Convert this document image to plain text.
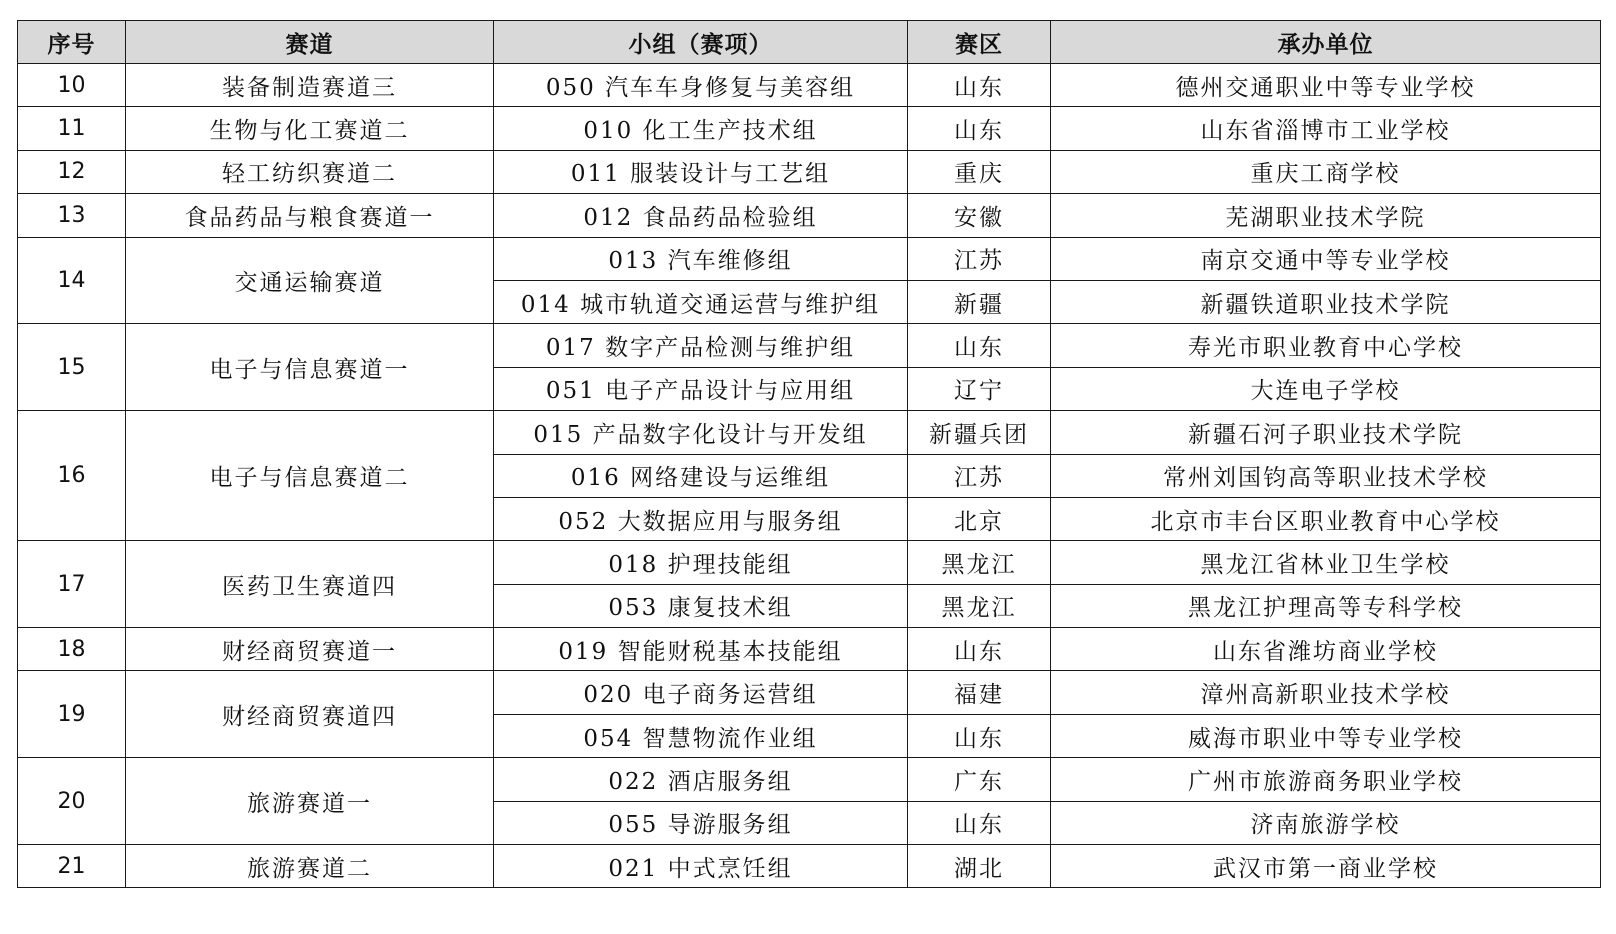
序号	赛道	小组（赛项）	赛区	承办单位
10	装备制造赛道三	050 汽车车身修复与美容组	山东	德州交通职业中等专业学校
11	生物与化工赛道二	010 化工生产技术组	山东	山东省淄博市工业学校
12	轻工纺织赛道二	011 服装设计与工艺组	重庆	重庆工商学校
13	食品药品与粮食赛道一	012 食品药品检验组	安徽	芜湖职业技术学院
14	交通运输赛道	013 汽车维修组	江苏	南京交通中等专业学校
		014 城市轨道交通运营与维护组	新疆	新疆铁道职业技术学院
15	电子与信息赛道一	017 数字产品检测与维护组	山东	寿光市职业教育中心学校
		051 电子产品设计与应用组	辽宁	大连电子学校
16	电子与信息赛道二	015 产品数字化设计与开发组	新疆兵团	新疆石河子职业技术学院
		016 网络建设与运维组	江苏	常州刘国钧高等职业技术学校
		052 大数据应用与服务组	北京	北京市丰台区职业教育中心学校
17	医药卫生赛道四	018 护理技能组	黑龙江	黑龙江省林业卫生学校
		053 康复技术组	黑龙江	黑龙江护理高等专科学校
18	财经商贸赛道一	019 智能财税基本技能组	山东	山东省潍坊商业学校
19	财经商贸赛道四	020 电子商务运营组	福建	漳州高新职业技术学校
		054 智慧物流作业组	山东	威海市职业中等专业学校
20	旅游赛道一	022 酒店服务组	广东	广州市旅游商务职业学校
		055 导游服务组	山东	济南旅游学校
21	旅游赛道二	021 中式烹饪组	湖北	武汉市第一商业学校
